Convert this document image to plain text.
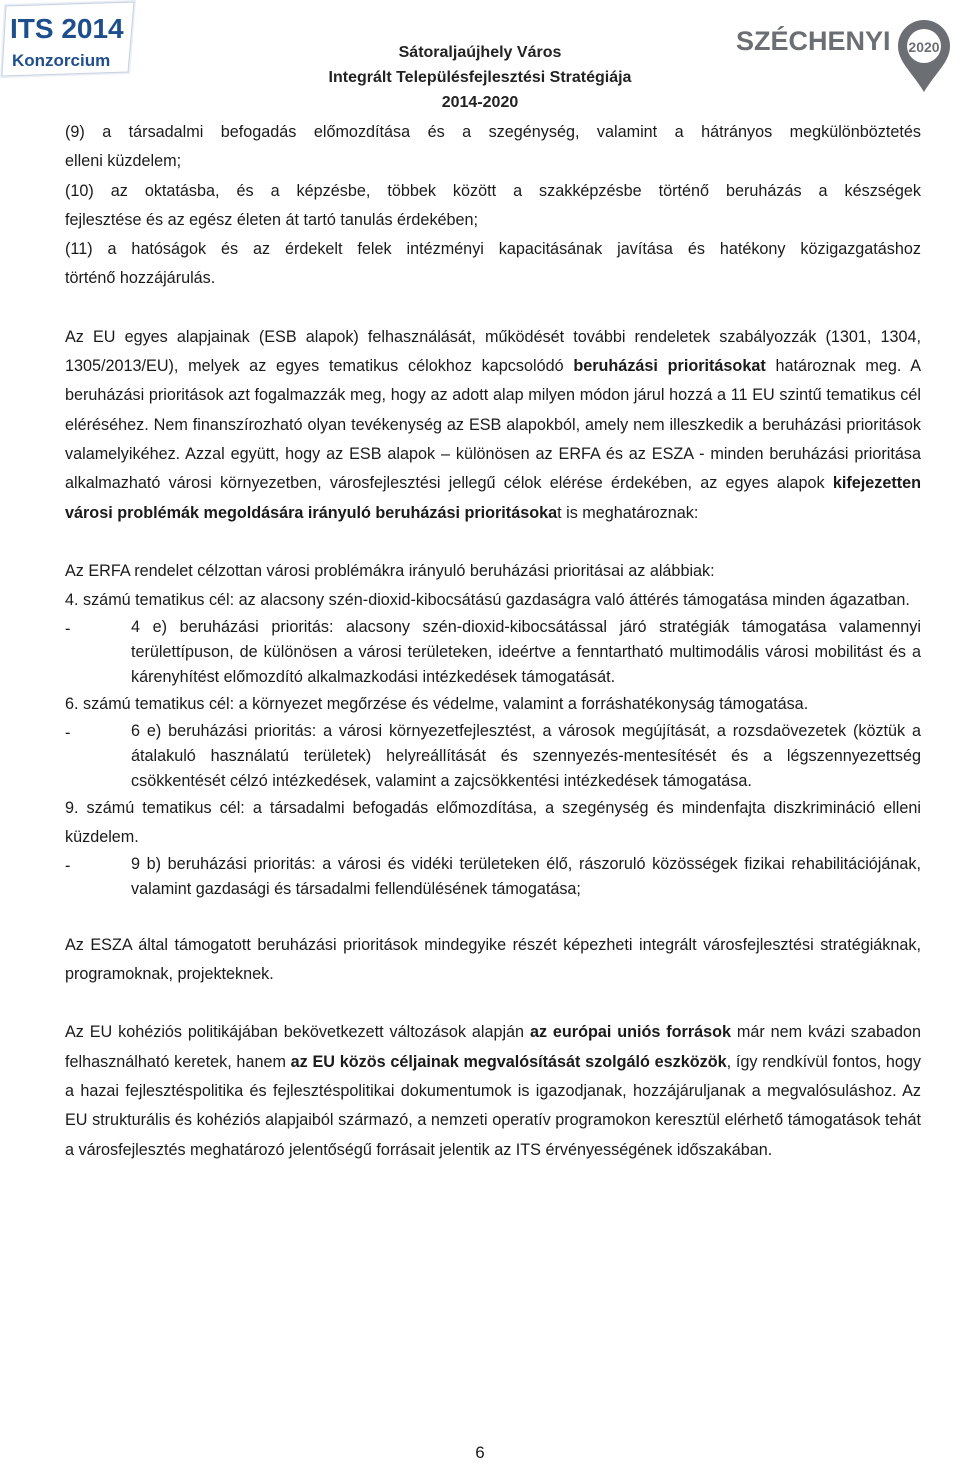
ITS 2014
Konzorcium	Sátoraljaújhely Város
Integrált Településfejlesztési Stratégiája
2014-2020
SZÉCHENYI 2020

(9) a társadalmi befogadás előmozdítása és a szegénység, valamint a hátrányos megkülönböztetés

elleni küzdelem;

(10) az oktatásba, és a képzésbe, többek között a szakképzésbe történő beruházás a készségek

fejlesztése és az egész életen át tartó tanulás érdekében;

(11) a hatóságok és az érdekelt felek intézményi kapacitásának javítása és hatékony közigazgatáshoz

történő hozzájárulás.

Az EU egyes alapjainak (ESB alapok) felhasználását, működését további rendeletek szabályozzák (1301, 1304, 1305/2013/EU), melyek az egyes tematikus célokhoz kapcsolódó beruházási prioritásokat határoznak meg. A beruházási prioritások azt fogalmazzák meg, hogy az adott alap milyen módon járul hozzá a 11 EU szintű tematikus cél eléréséhez. Nem finanszírozható olyan tevékenység az ESB alapokból, amely nem illeszkedik a beruházási prioritások valamelyikéhez. Azzal együtt, hogy az ESB alapok – különösen az ERFA és az ESZA - minden beruházási prioritása alkalmazható városi környezetben, városfejlesztési jellegű célok elérése érdekében, az egyes alapok kifejezetten városi problémák megoldására irányuló beruházási prioritásokat is meghatároznak:

Az ERFA rendelet célzottan városi problémákra irányuló beruházási prioritásai az alábbiak:

4. számú tematikus cél: az alacsony szén-dioxid-kibocsátású gazdaságra való áttérés támogatása minden ágazatban.

-	4 e) beruházási prioritás: alacsony szén-dioxid-kibocsátással járó stratégiák támogatása valamennyi területtípuson, de különösen a városi területeken, ideértve a fenntartható multimodális városi mobilitást és a kárenyhítést előmozdító alkalmazkodási intézkedések támogatását.

6. számú tematikus cél: a környezet megőrzése és védelme, valamint a forráshatékonyság támogatása.

-	6 e) beruházási prioritás: a városi környezetfejlesztést, a városok megújítását, a rozsdaövezetek (köztük a átalakuló használatú területek) helyreállítását és szennyezés-mentesítését és a légszennyezettség csökkentését célzó intézkedések, valamint a zajcsökkentési intézkedések támogatása.

9. számú tematikus cél: a társadalmi befogadás előmozdítása, a szegénység és mindenfajta diszkrimináció elleni küzdelem.

-	9 b) beruházási prioritás: a városi és vidéki területeken élő, rászoruló közösségek fizikai rehabilitációjának, valamint gazdasági és társadalmi fellendülésének támogatása;

Az ESZA által támogatott beruházási prioritások mindegyike részét képezheti integrált városfejlesztési stratégiáknak, programoknak, projekteknek.

Az EU kohéziós politikájában bekövetkezett változások alapján az európai uniós források már nem kvázi szabadon felhasználható keretek, hanem az EU közös céljainak megvalósítását szolgáló eszközök, így rendkívül fontos, hogy a hazai fejlesztéspolitika és fejlesztéspolitikai dokumentumok is igazodjanak, hozzájáruljanak a megvalósuláshoz. Az EU strukturális és kohéziós alapjaiból származó, a nemzeti operatív programokon keresztül elérhető támogatások tehát a városfejlesztés meghatározó jelentőségű forrásait jelentik az ITS érvényességének időszakában.

6
